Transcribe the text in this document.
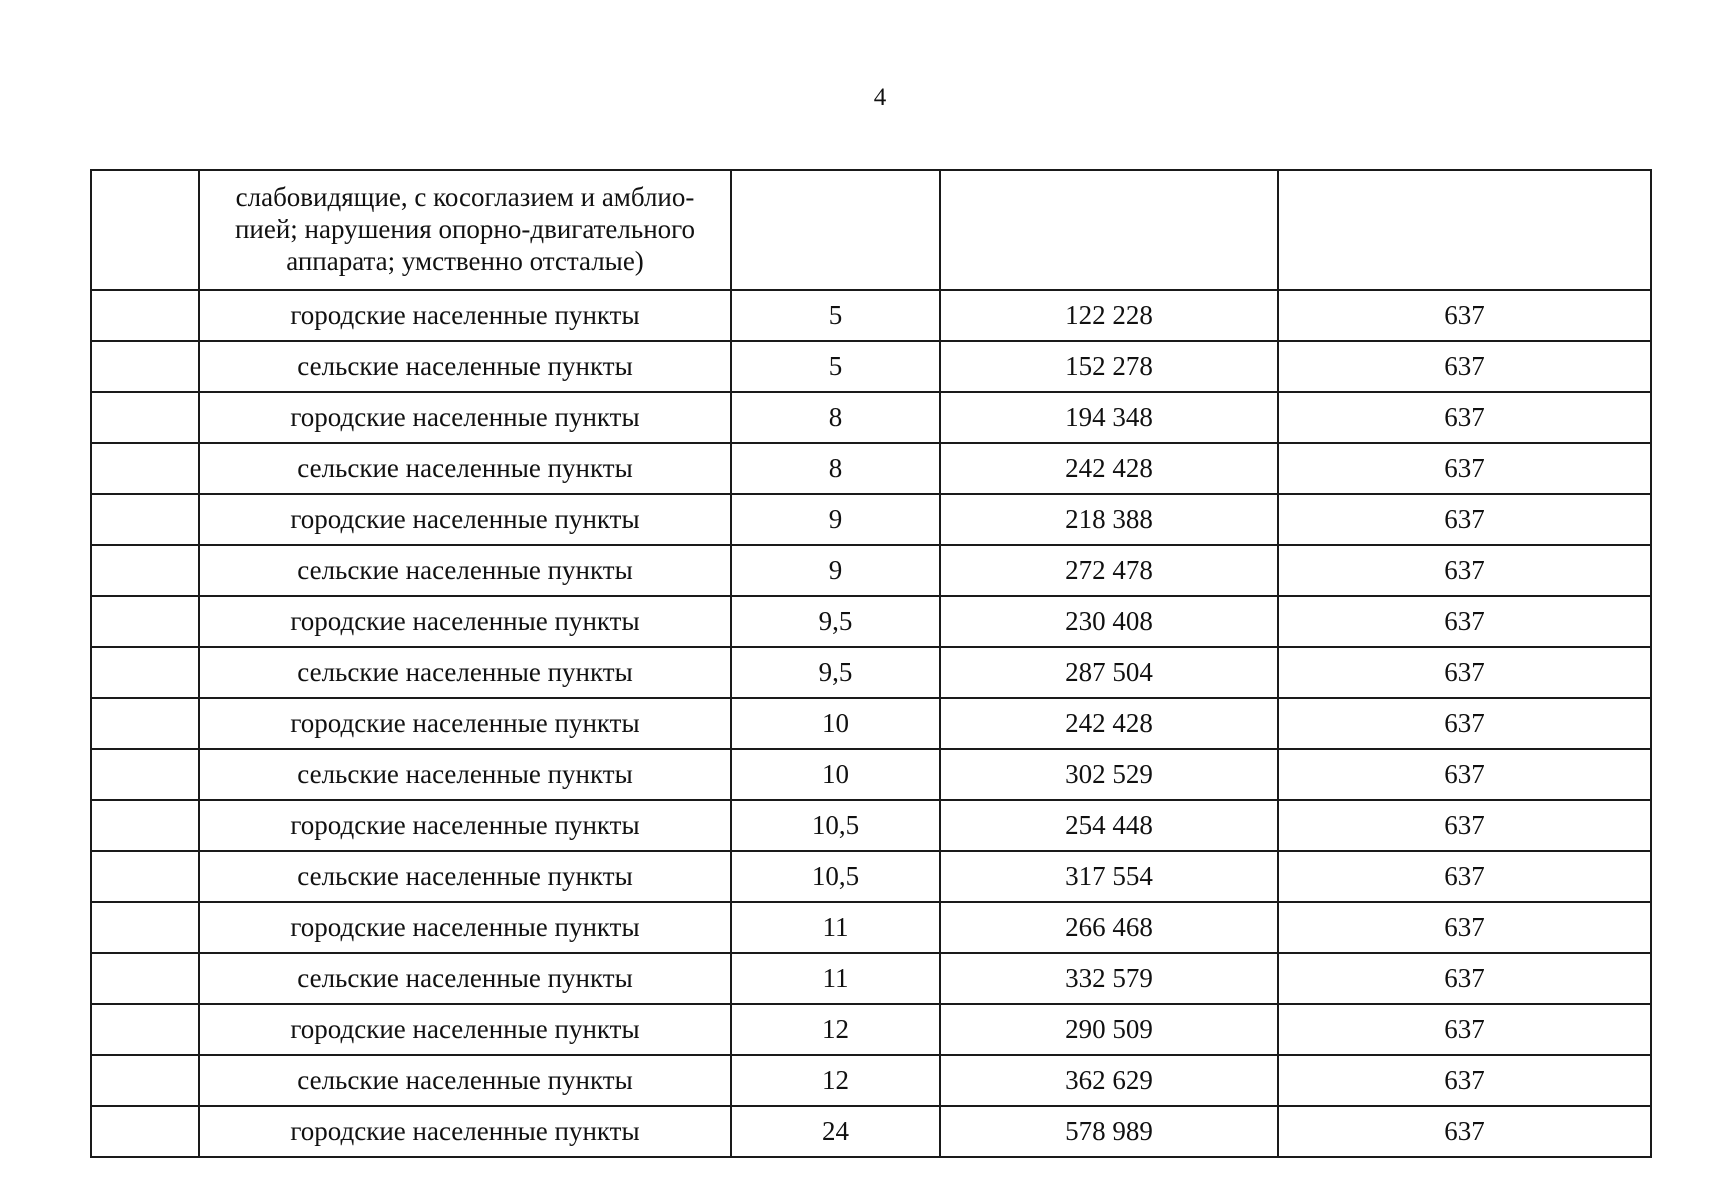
4
	слабовидящие, с косоглазием и амблио- пией; нарушения опорно-двигательного аппарата; умственно отсталые)			
	городские населенные пункты	5	122 228	637
	сельские населенные пункты	5	152 278	637
	городские населенные пункты	8	194 348	637
	сельские населенные пункты	8	242 428	637
	городские населенные пункты	9	218 388	637
	сельские населенные пункты	9	272 478	637
	городские населенные пункты	9,5	230 408	637
	сельские населенные пункты	9,5	287 504	637
	городские населенные пункты	10	242 428	637
	сельские населенные пункты	10	302 529	637
	городские населенные пункты	10,5	254 448	637
	сельские населенные пункты	10,5	317 554	637
	городские населенные пункты	11	266 468	637
	сельские населенные пункты	11	332 579	637
	городские населенные пункты	12	290 509	637
	сельские населенные пункты	12	362 629	637
	городские населенные пункты	24	578 989	637
